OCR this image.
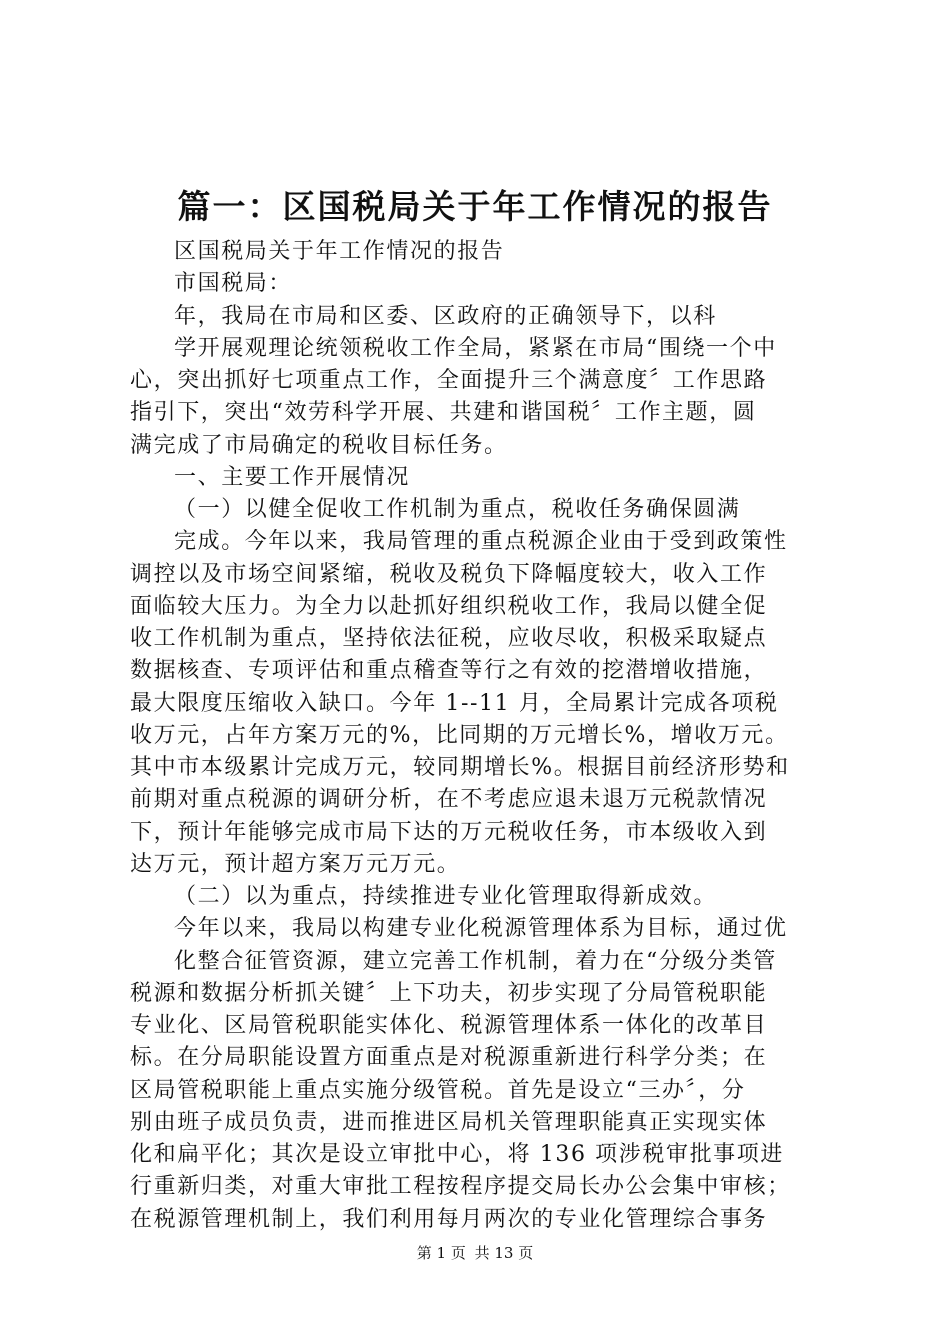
篇一：区国税局关于年工作情况的报告
区国税局关于年工作情况的报告
市国税局：
年，我局在市局和区委、区政府的正确领导下，以科
学开展观理论统领税收工作全局，紧紧在市局“围绕一个中
心，突出抓好七项重点工作，全面提升三个满意度〞工作思路
指引下，突出“效劳科学开展、共建和谐国税〞工作主题，圆
满完成了市局确定的税收目标任务。
一、主要工作开展情况
（一）以健全促收工作机制为重点，税收任务确保圆满
完成。今年以来，我局管理的重点税源企业由于受到政策性
调控以及市场空间紧缩，税收及税负下降幅度较大，收入工作
面临较大压力。为全力以赴抓好组织税收工作，我局以健全促
收工作机制为重点，坚持依法征税，应收尽收，积极采取疑点
数据核查、专项评估和重点稽查等行之有效的挖潜增收措施，
最大限度压缩收入缺口。今年 1--11 月，全局累计完成各项税
收万元，占年方案万元的%，比同期的万元增长%，增收万元。
其中市本级累计完成万元，较同期增长%。根据目前经济形势和
前期对重点税源的调研分析，在不考虑应退未退万元税款情况
下，预计年能够完成市局下达的万元税收任务，市本级收入到
达万元，预计超方案万元万元。
（二）以为重点，持续推进专业化管理取得新成效。
今年以来，我局以构建专业化税源管理体系为目标，通过优
化整合征管资源，建立完善工作机制，着力在“分级分类管
税源和数据分析抓关键〞上下功夫，初步实现了分局管税职能
专业化、区局管税职能实体化、税源管理体系一体化的改革目
标。在分局职能设置方面重点是对税源重新进行科学分类；在
区局管税职能上重点实施分级管税。首先是设立“三办〞，分
别由班子成员负责，进而推进区局机关管理职能真正实现实体
化和扁平化；其次是设立审批中心，将 136 项涉税审批事项进
行重新归类，对重大审批工程按程序提交局长办公会集中审核；
在税源管理机制上，我们利用每月两次的专业化管理综合事务
第 1 页 共 13 页
